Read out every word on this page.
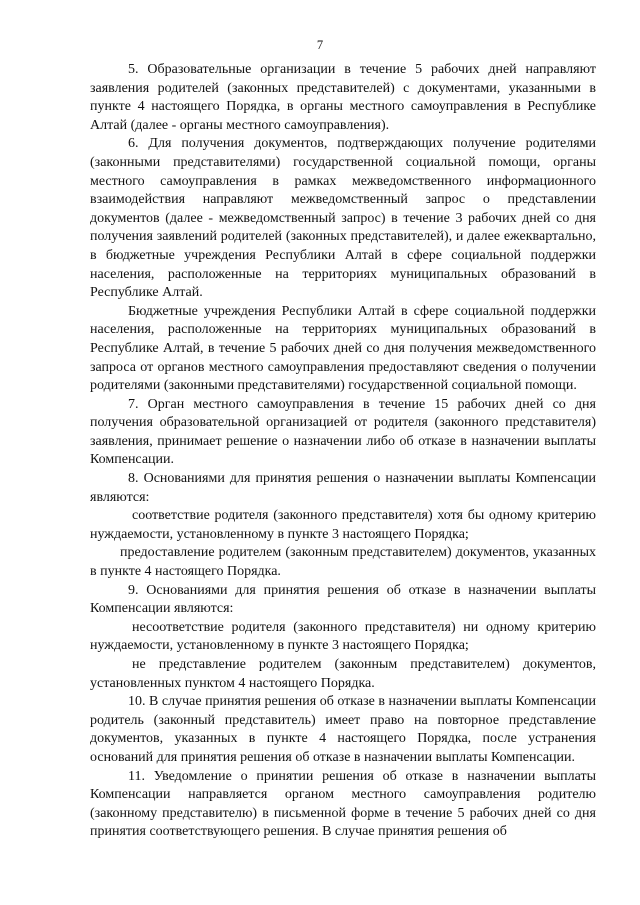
7

5. Образовательные организации в течение 5 рабочих дней направляют заявления родителей (законных представителей) с документами, указанными в пункте 4 настоящего Порядка, в органы местного самоуправления в Республике Алтай (далее - органы местного самоуправления).

6. Для получения документов, подтверждающих получение родителями (законными представителями) государственной социальной помощи, органы местного самоуправления в рамках межведомственного информационного взаимодействия направляют межведомственный запрос о представлении документов (далее - межведомственный запрос) в течение 3 рабочих дней со дня получения заявлений родителей (законных представителей), и далее ежеквартально, в бюджетные учреждения Республики Алтай в сфере социальной поддержки населения, расположенные на территориях муниципальных образований в Республике Алтай.

Бюджетные учреждения Республики Алтай в сфере социальной поддержки населения, расположенные на территориях муниципальных образований в Республике Алтай, в течение 5 рабочих дней со дня получения межведомственного запроса от органов местного самоуправления предоставляют сведения о получении родителями (законными представителями) государственной социальной помощи.

7. Орган местного самоуправления в течение 15 рабочих дней со дня получения образовательной организацией от родителя (законного представителя) заявления, принимает решение о назначении либо об отказе в назначении выплаты Компенсации.

8. Основаниями для принятия решения о назначении выплаты Компенсации являются:

соответствие родителя (законного представителя) хотя бы одному критерию нуждаемости, установленному в пункте 3 настоящего Порядка;

предоставление родителем (законным представителем) документов, указанных в пункте 4 настоящего Порядка.

9. Основаниями для принятия решения об отказе в назначении выплаты Компенсации являются:

несоответствие родителя (законного представителя) ни одному критерию нуждаемости, установленному в пункте 3 настоящего Порядка;

не представление родителем (законным представителем) документов, установленных пунктом 4 настоящего Порядка.

10. В случае принятия решения об отказе в назначении выплаты Компенсации родитель (законный представитель) имеет право на повторное представление документов, указанных в пункте 4 настоящего Порядка, после устранения оснований для принятия решения об отказе в назначении выплаты Компенсации.

11. Уведомление о принятии решения об отказе в назначении выплаты Компенсации направляется органом местного самоуправления родителю (законному представителю) в письменной форме в течение 5 рабочих дней со дня принятия соответствующего решения. В случае принятия решения об
